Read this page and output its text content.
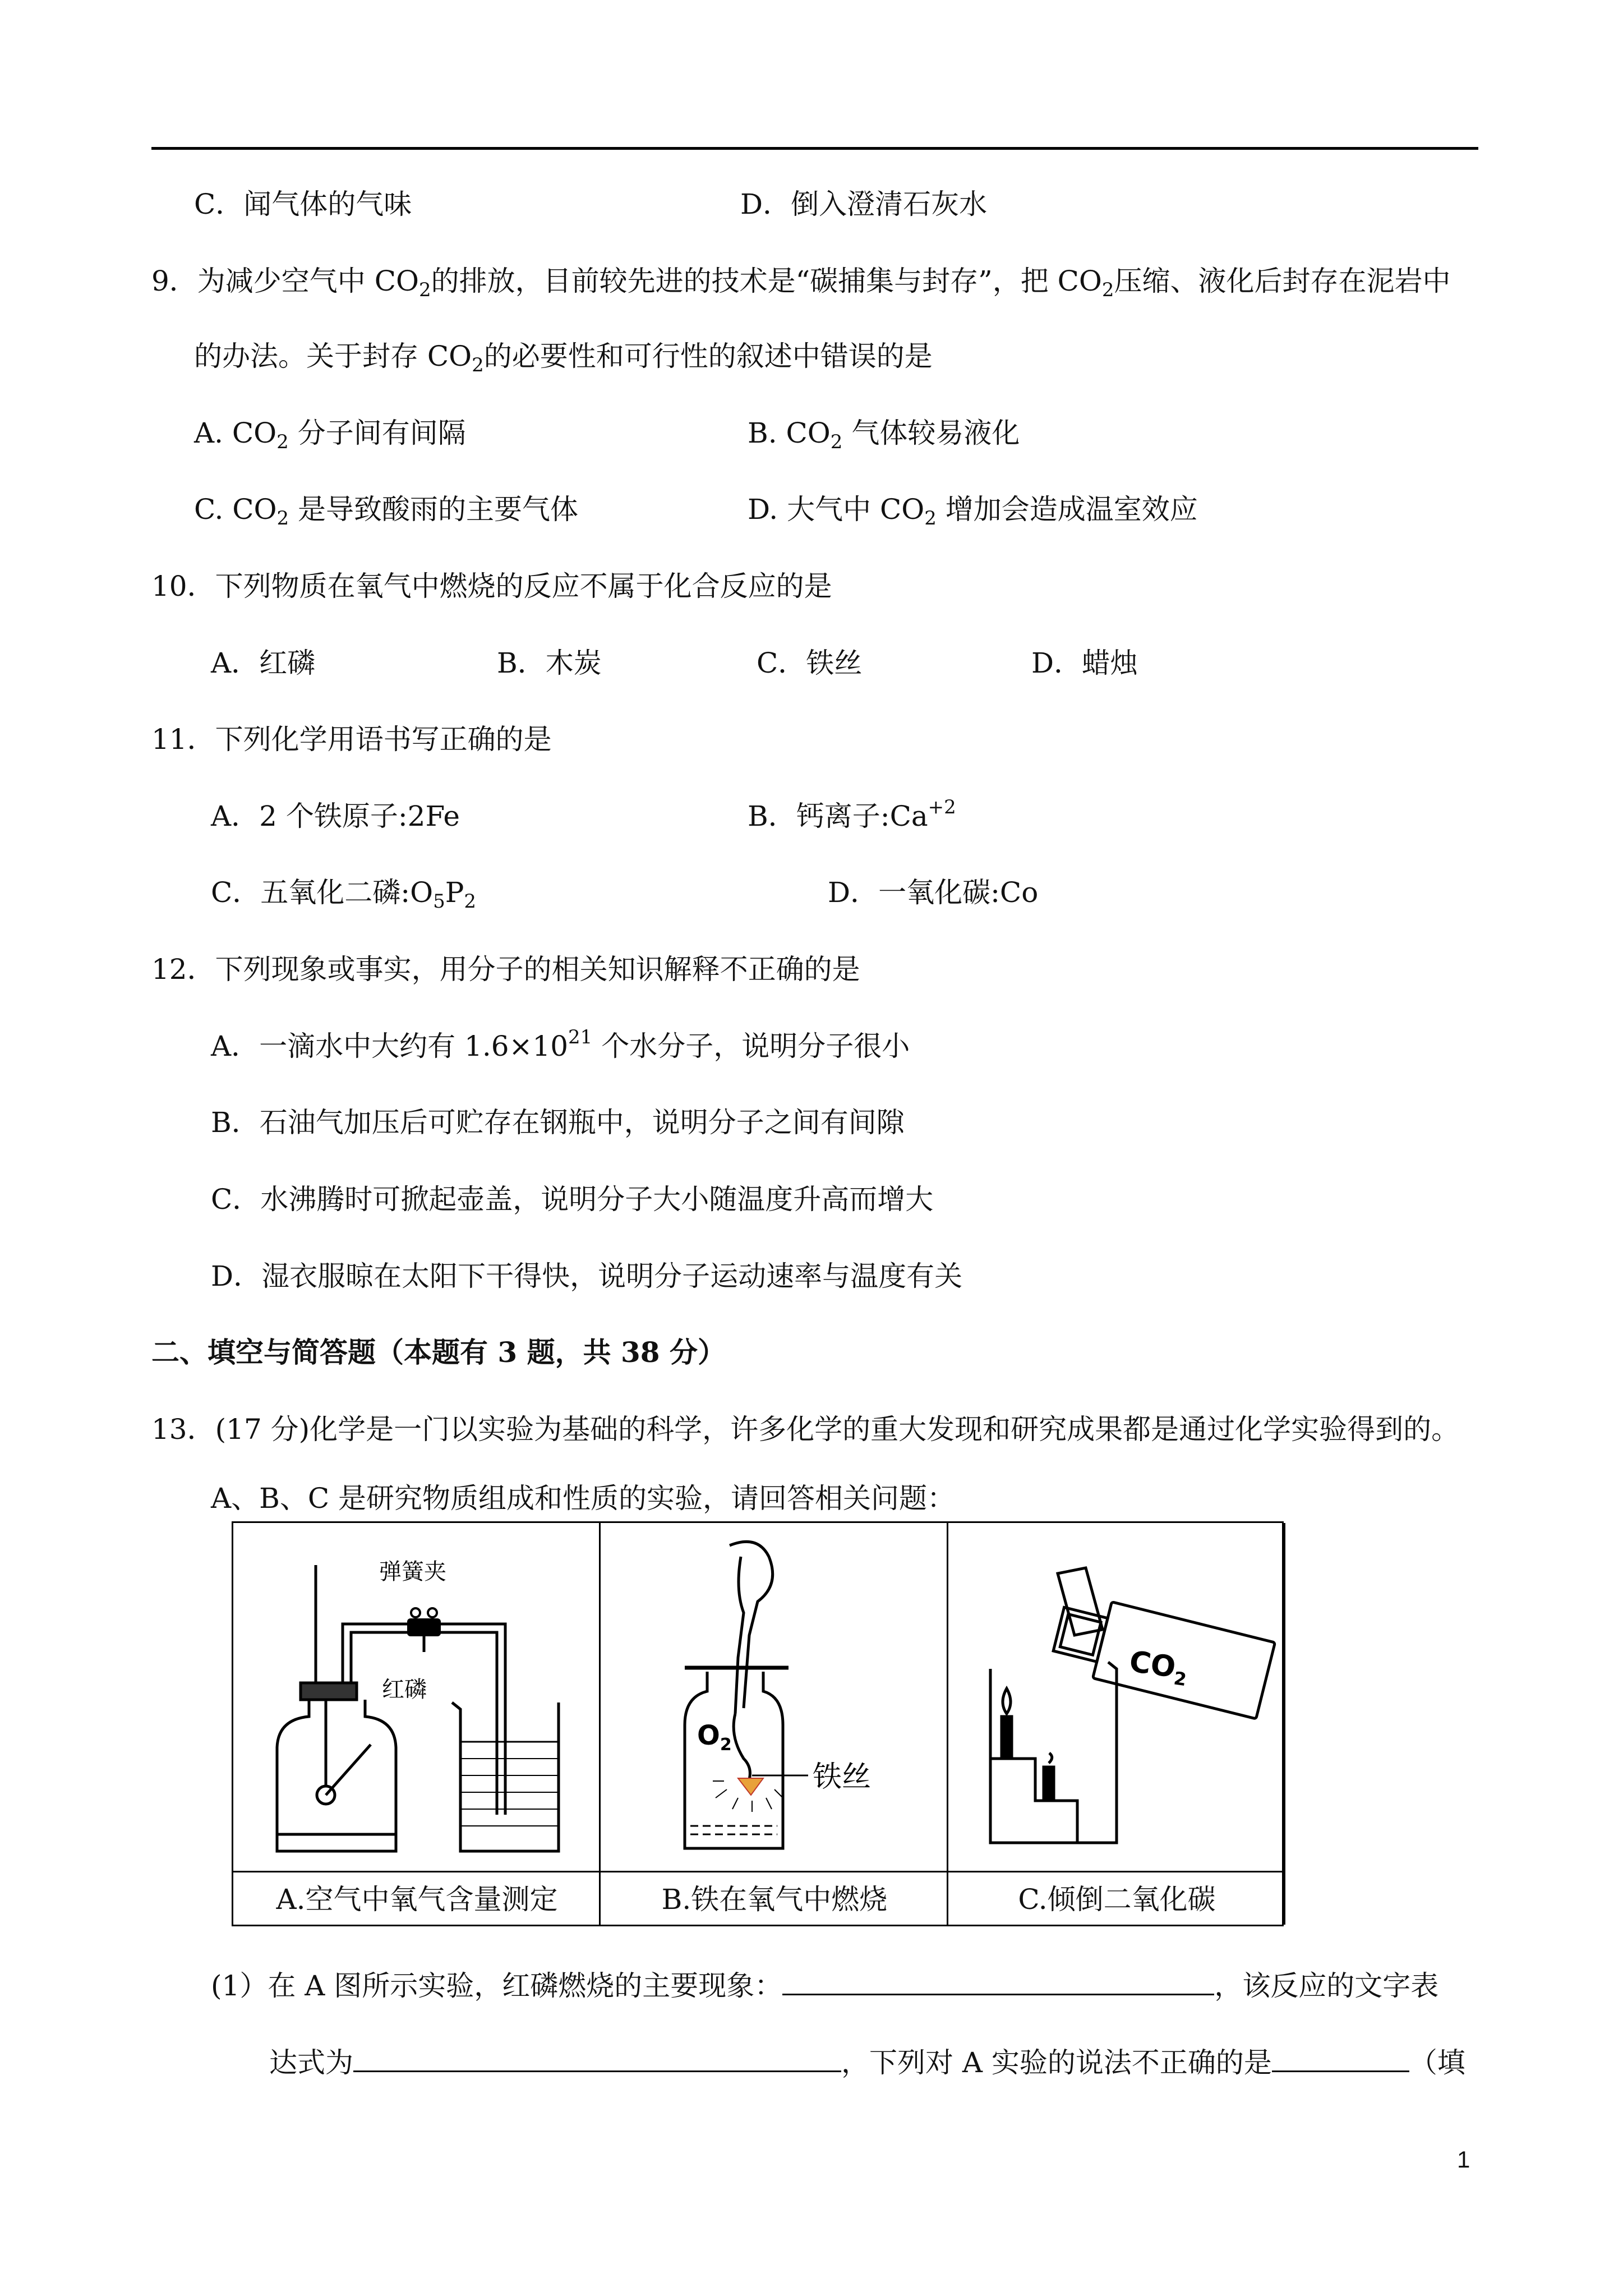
C．闻气体的气味	D．倒入澄清石灰水
9．为减少空气中 $CO_2$的排放，目前较先进的技术是“碳捕集与封存”，把 $CO_2$压缩、液化后封存在泥岩中
的办法。关于封存 $CO_2$的必要性和可行性的叙述中错误的是
A. $CO_2$ 分子间有间隔	B. $CO_2$ 气体较易液化
C. $CO_2$ 是导致酸雨的主要气体	D. 大气中 $CO_2$ 增加会造成温室效应
10．下列物质在氧气中燃烧的反应不属于化合反应的是
A．红磷	B．木炭	C．铁丝	D．蜡烛
11．下列化学用语书写正确的是
A．2 个铁原子:2Fe	B．钙离子$:Ca^{+2}$
C．五氧化二磷$:O_5P_2$	D．一氧化碳:Co
12．下列现象或事实，用分子的相关知识解释不正确的是
A．一滴水中大约有 $1.6\times 10^{21}$ 个水分子，说明分子很小
B．石油气加压后可贮存在钢瓶中，说明分子之间有间隙
C．水沸腾时可掀起壶盖，说明分子大小随温度升高而增大
D．湿衣服晾在太阳下干得快，说明分子运动速率与温度有关
二、填空与简答题（本题有 3 题，共 38 分）
13．(17 分)化学是一门以实验为基础的科学，许多化学的重大发现和研究成果都是通过化学实验得到的。
A、B、C 是研究物质组成和性质的实验，请回答相关问题：
弹簧夹
红磷
$O_2$
铁丝
$CO_2$
A.空气中氧气含量测定	B.铁在氧气中燃烧	C.倾倒二氧化碳
(1）在 A 图所示实验，红磷燃烧的主要现象：	，该反应的文字表
达式为	，下列对 A 实验的说法不正确的是	（填
1
